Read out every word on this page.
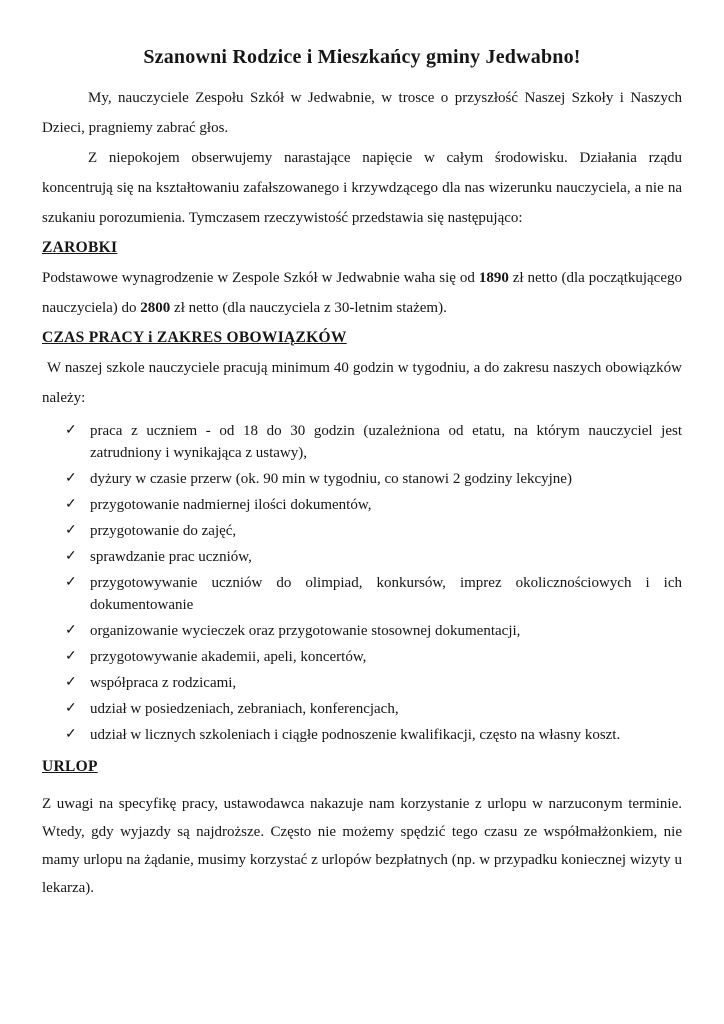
Szanowni Rodzice i Mieszkańcy gminy Jedwabno!

My, nauczyciele Zespołu Szkół w Jedwabnie, w trosce o przyszłość Naszej Szkoły i Naszych Dzieci, pragniemy zabrać głos.

Z niepokojem obserwujemy narastające napięcie w całym środowisku. Działania rządu koncentrują się na kształtowaniu zafałszowanego i krzywdzącego dla nas wizerunku nauczyciela, a nie na szukaniu porozumienia. Tymczasem rzeczywistość przedstawia się następująco:

ZAROBKI

Podstawowe wynagrodzenie w Zespole Szkół w Jedwabnie waha się od 1890 zł netto (dla początkującego nauczyciela) do 2800 zł netto (dla nauczyciela z 30-letnim stażem).

CZAS PRACY i ZAKRES OBOWIĄZKÓW

W naszej szkole nauczyciele pracują minimum 40 godzin w tygodniu, a do zakresu naszych obowiązków należy:

✓ praca z uczniem - od 18 do 30 godzin (uzależniona od etatu, na którym nauczyciel jest zatrudniony i wynikająca z ustawy),
✓ dyżury w czasie przerw (ok. 90 min w tygodniu, co stanowi 2 godziny lekcyjne)
✓ przygotowanie nadmiernej ilości dokumentów,
✓ przygotowanie do zajęć,
✓ sprawdzanie prac uczniów,
✓ przygotowywanie uczniów do olimpiad, konkursów, imprez okolicznościowych i ich dokumentowanie
✓ organizowanie wycieczek oraz przygotowanie stosownej dokumentacji,
✓ przygotowywanie akademii, apeli, koncertów,
✓ współpraca z rodzicami,
✓ udział w posiedzeniach, zebraniach, konferencjach,
✓ udział w licznych szkoleniach i ciągłe podnoszenie kwalifikacji, często na własny koszt.
URLOP

Z uwagi na specyfikę pracy, ustawodawca nakazuje nam korzystanie z urlopu w narzuconym terminie. Wtedy, gdy wyjazdy są najdroższe. Często nie możemy spędzić tego czasu ze współmałżonkiem, nie mamy urlopu na żądanie, musimy korzystać z urlopów bezpłatnych (np. w przypadku koniecznej wizyty u lekarza).
